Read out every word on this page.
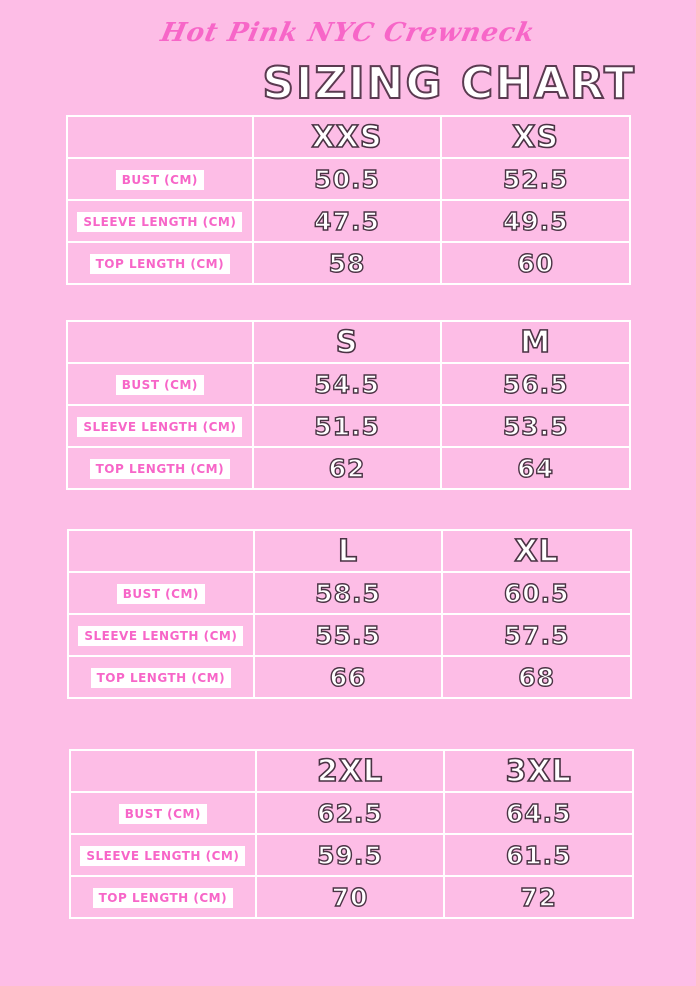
Hot Pink NYC Crewneck
SIZING CHART
	XXS	XS
BUST (CM)	50.5	52.5
SLEEVE LENGTH (CM)	47.5	49.5
TOP LENGTH (CM)	58	60
	S	M
BUST (CM)	54.5	56.5
SLEEVE LENGTH (CM)	51.5	53.5
TOP LENGTH (CM)	62	64
	L	XL
BUST (CM)	58.5	60.5
SLEEVE LENGTH (CM)	55.5	57.5
TOP LENGTH (CM)	66	68
	2XL	3XL
BUST (CM)	62.5	64.5
SLEEVE LENGTH (CM)	59.5	61.5
TOP LENGTH (CM)	70	72
